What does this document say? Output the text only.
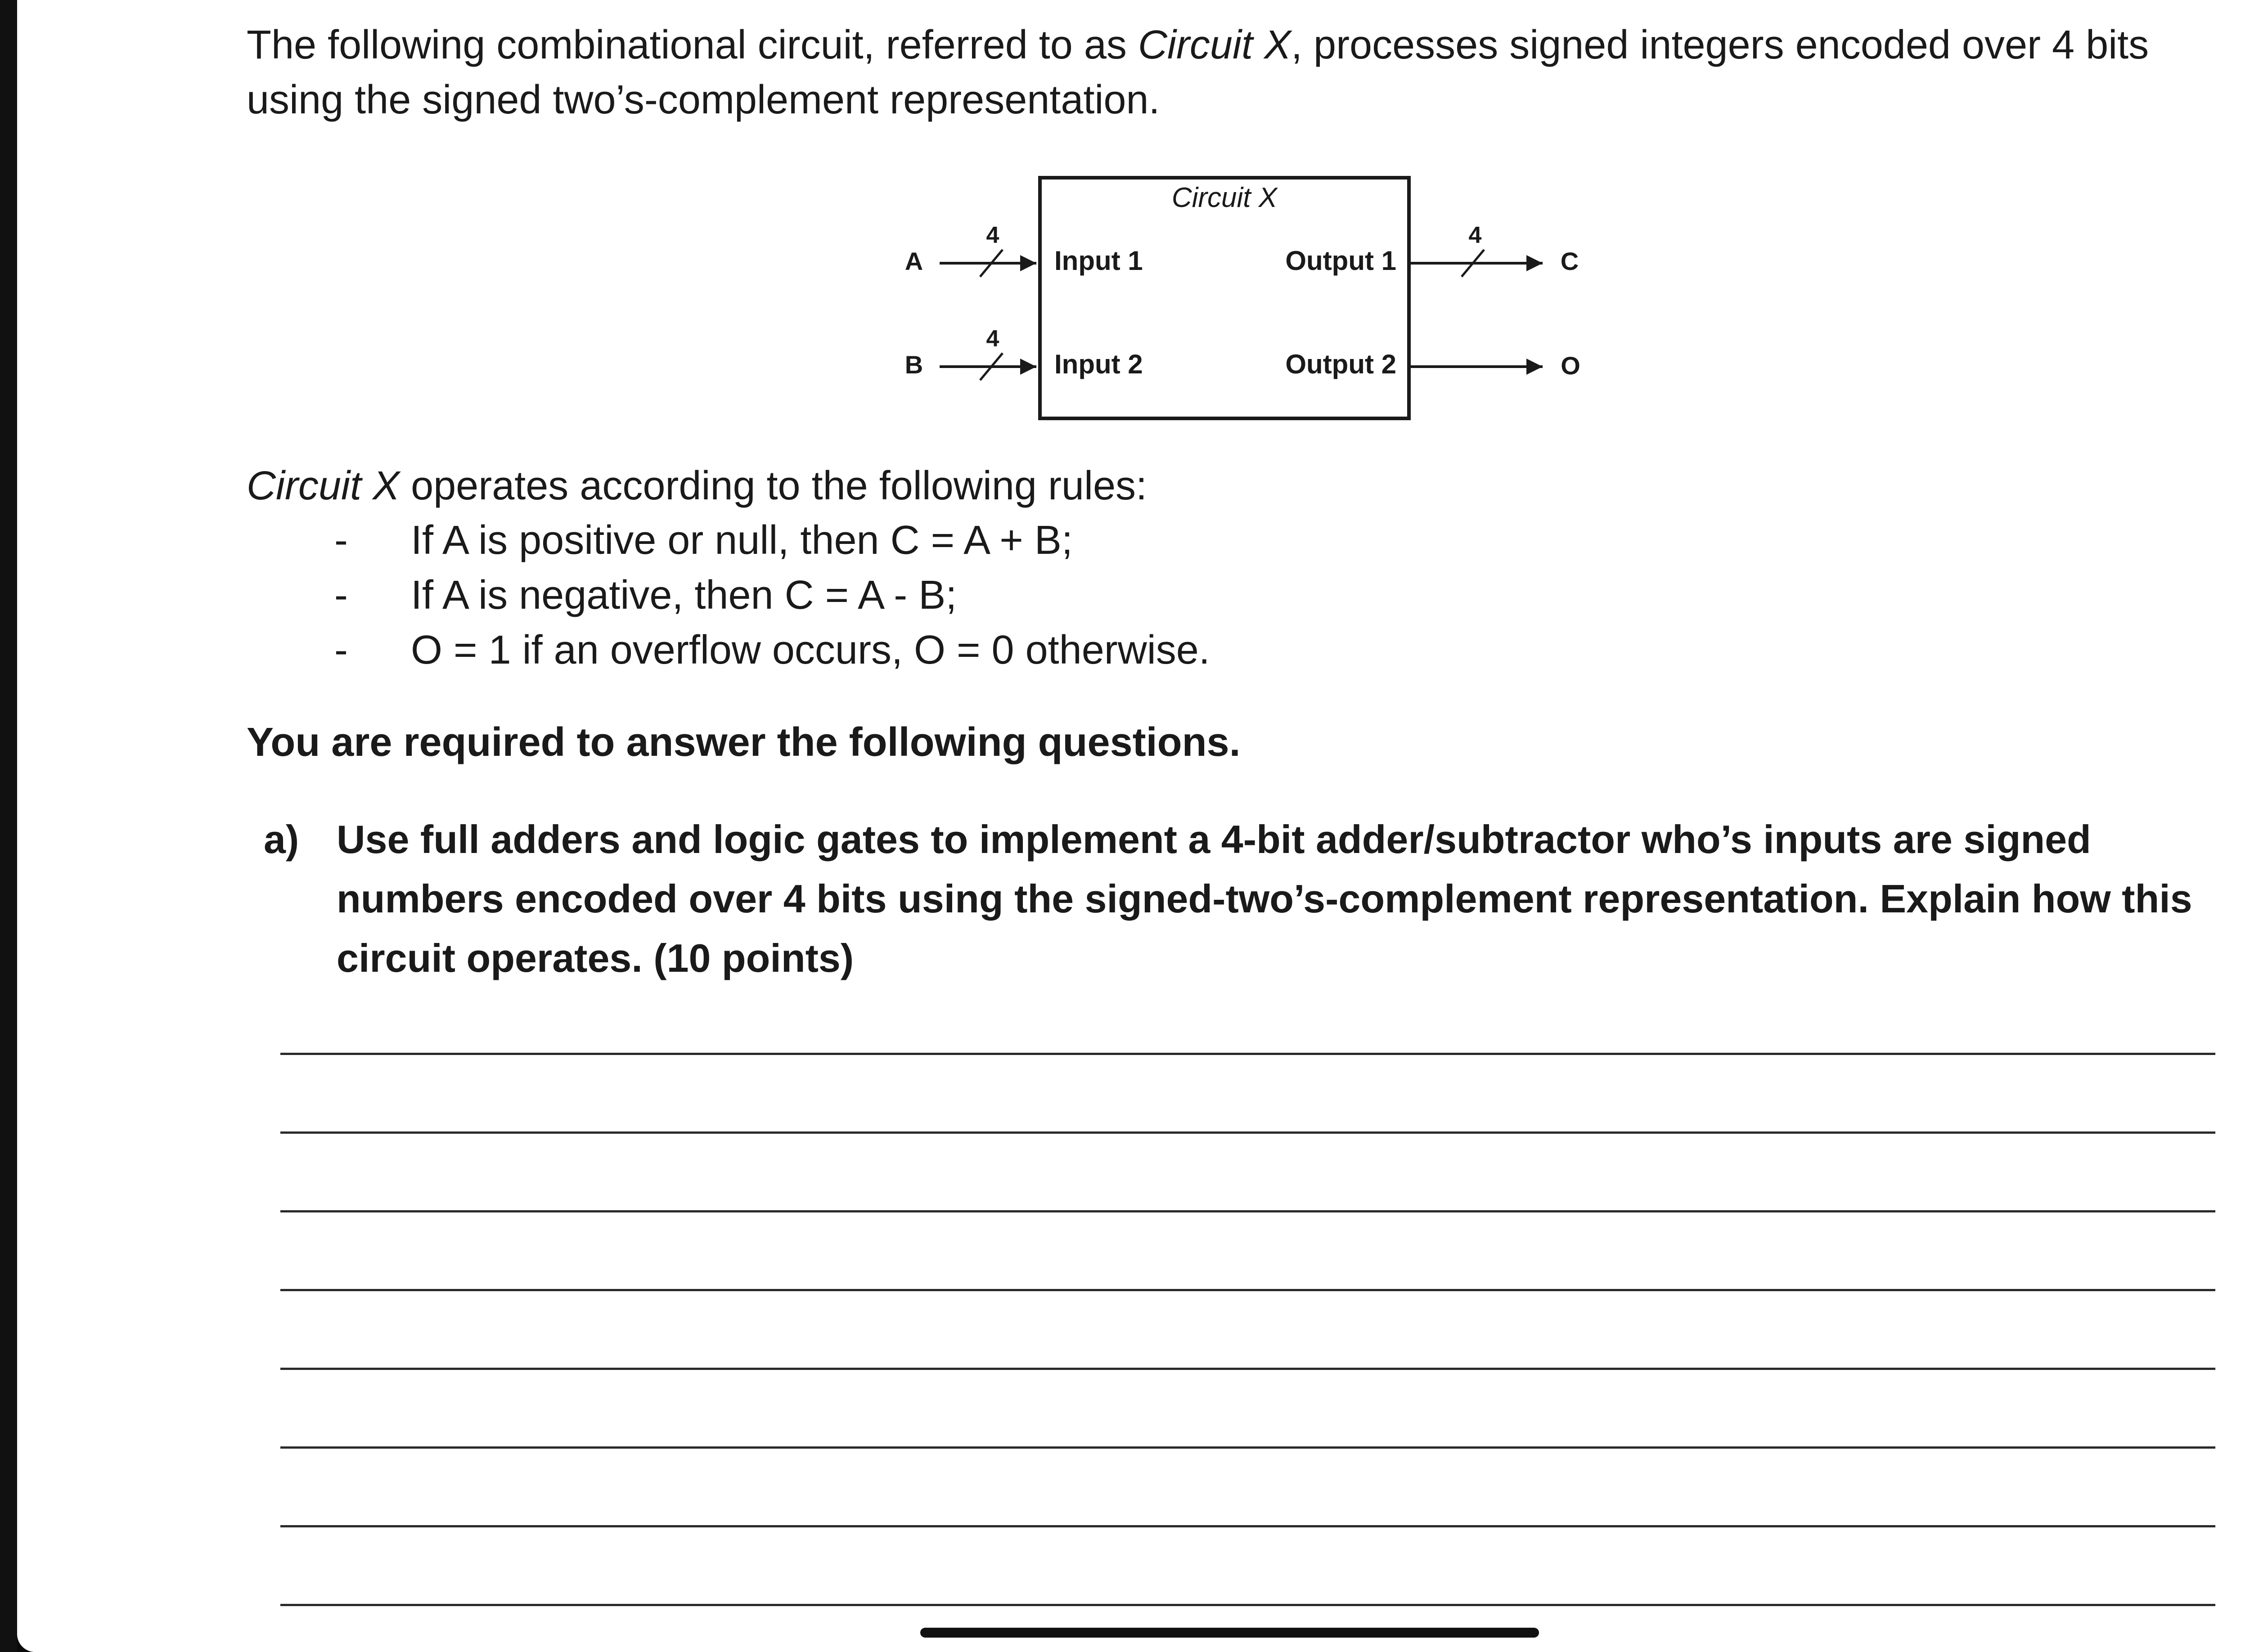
The following combinational circuit, referred to as Circuit X, processes signed integers encoded over 4 bits
using the signed two’s-complement representation.
Circuit X
A
4
Input 1
B
4
Input 2
Output 1
4
C
Output 2	O
Circuit X operates according to the following rules:
- If A is positive or null, then C = A + B;
- If A is negative, then C = A - B;
- O = 1 if an overflow occurs, O = 0 otherwise.
You are required to answer the following questions.
a) Use full adders and logic gates to implement a 4-bit adder/subtractor who’s inputs are signed numbers encoded over 4 bits using the signed-two’s-complement representation. Explain how this circuit operates. (10 points)
